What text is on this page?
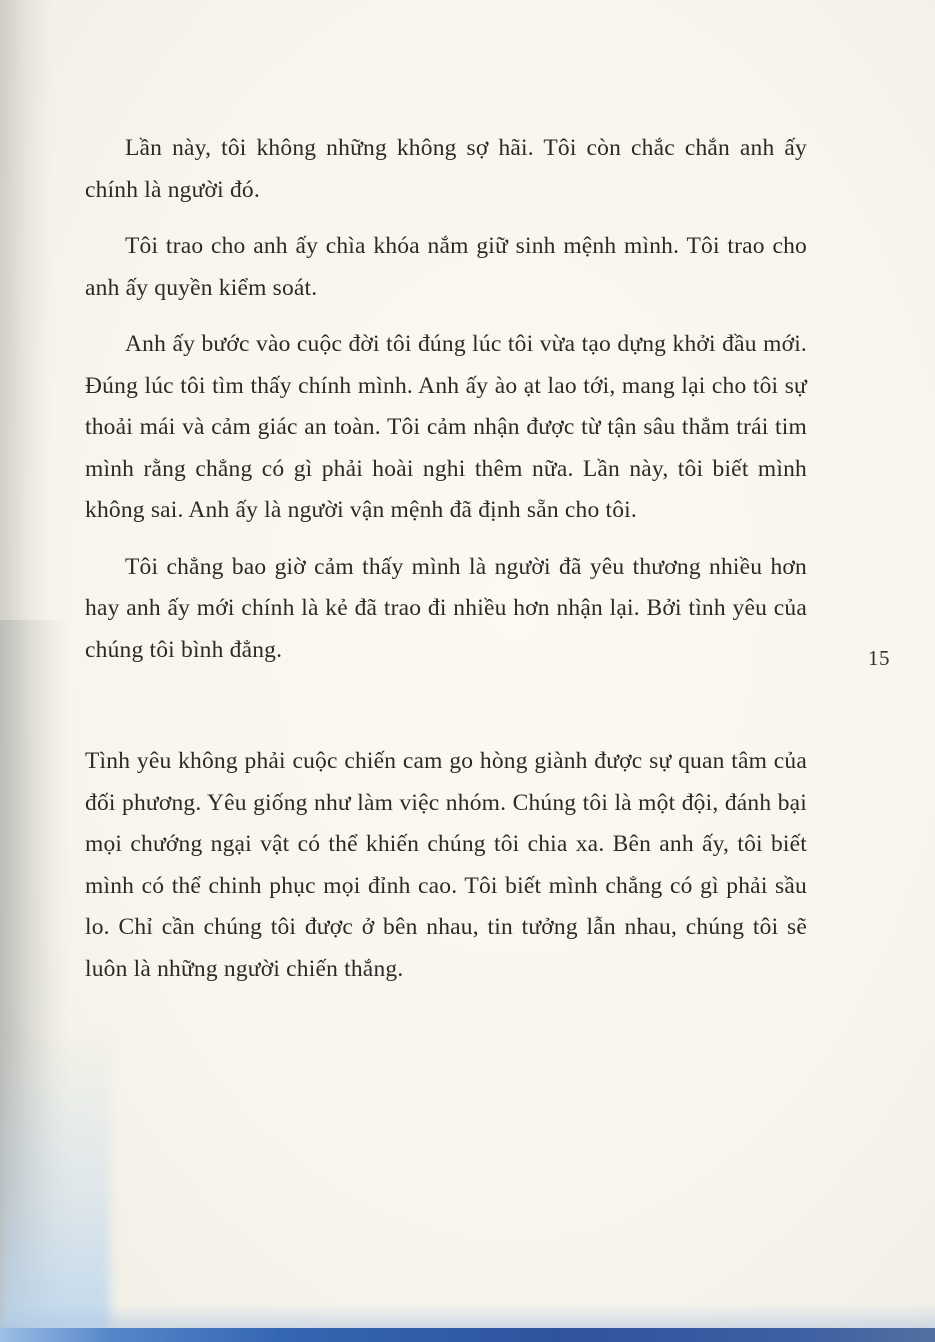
Lần này, tôi không những không sợ hãi. Tôi còn chắc chắn anh ấy chính là người đó.

Tôi trao cho anh ấy chìa khóa nắm giữ sinh mệnh mình. Tôi trao cho anh ấy quyền kiểm soát.

Anh ấy bước vào cuộc đời tôi đúng lúc tôi vừa tạo dựng khởi đầu mới. Đúng lúc tôi tìm thấy chính mình. Anh ấy ào ạt lao tới, mang lại cho tôi sự thoải mái và cảm giác an toàn. Tôi cảm nhận được từ tận sâu thẳm trái tim mình rằng chẳng có gì phải hoài nghi thêm nữa. Lần này, tôi biết mình không sai. Anh ấy là người vận mệnh đã định sẵn cho tôi.

Tôi chẳng bao giờ cảm thấy mình là người đã yêu thương nhiều hơn hay anh ấy mới chính là kẻ đã trao đi nhiều hơn nhận lại. Bởi tình yêu của chúng tôi bình đẳng.

Tình yêu không phải cuộc chiến cam go hòng giành được sự quan tâm của đối phương. Yêu giống như làm việc nhóm. Chúng tôi là một đội, đánh bại mọi chướng ngại vật có thể khiến chúng tôi chia xa. Bên anh ấy, tôi biết mình có thể chinh phục mọi đỉnh cao. Tôi biết mình chẳng có gì phải sầu lo. Chỉ cần chúng tôi được ở bên nhau, tin tưởng lẫn nhau, chúng tôi sẽ luôn là những người chiến thắng.

15
